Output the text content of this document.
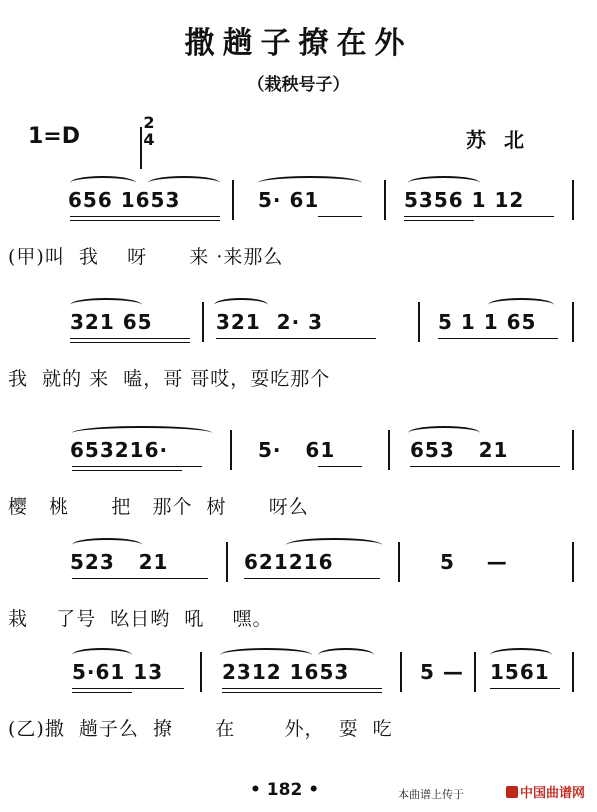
撒趟子撩在外
（栽秧号子）
1=D
2
4	苏北
656 1653	5· 61	5356 1 12
(甲)叫  我    呀      来 ·来那么
321 65	321  2· 3	5 1 1 65
我  就的 来  嗑，哥 哥哎，耍吃那个
653216·	5·   61	653   21
樱   桃      把   那个  树      呀么
523   21	621216	5    —
栽    了号  吆日哟  吼    嘿。
5·61 13	2312 1653	5 — 1561
(乙)撒  趟子么  撩      在       外，  耍  吃
• 182 •	本曲谱上传于	中国曲谱网
